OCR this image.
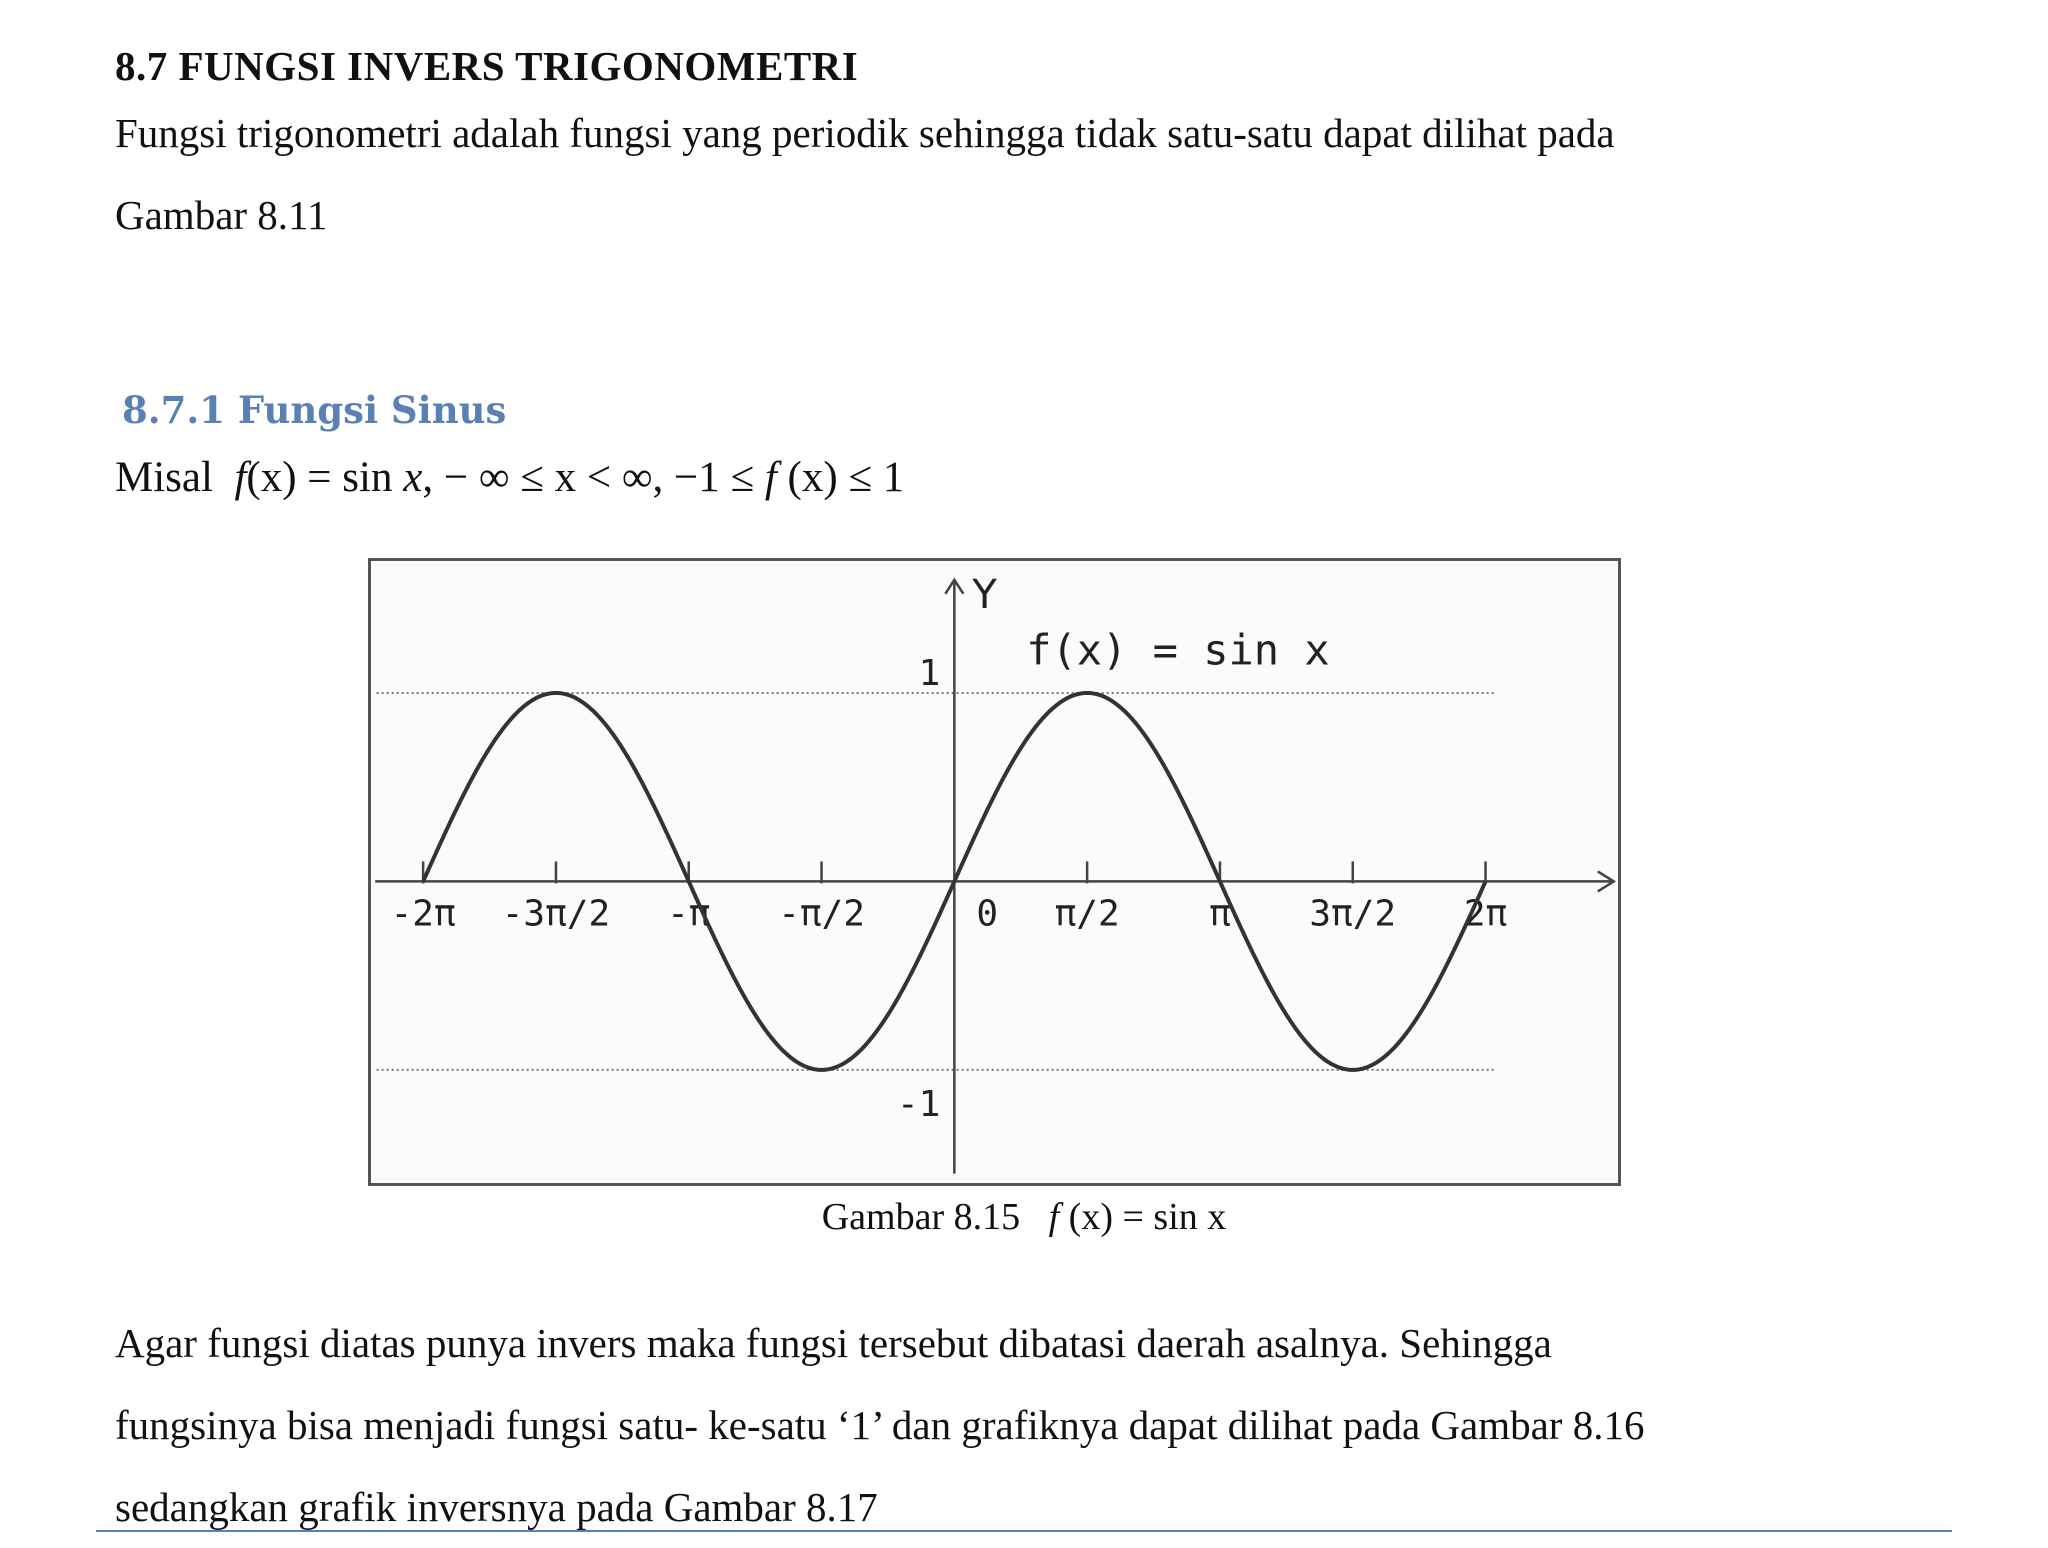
8.7 FUNGSI INVERS TRIGONOMETRI
Fungsi trigonometri adalah fungsi yang periodik sehingga tidak satu-satu dapat dilihat pada
Gambar 8.11
8.7.1 Fungsi Sinus
Misal f(x) = sin x, − ∞ ≤ x < ∞, −1 ≤ f (x) ≤ 1
Y
-2π -3π/2 -π -π/2	0 π/2 π 3π/2 2π
1
-1
f(x) = sin x
Gambar 8.15 f (x) = sin x
Agar fungsi diatas punya invers maka fungsi tersebut dibatasi daerah asalnya. Sehingga
fungsinya bisa menjadi fungsi satu- ke-satu ‘1’ dan grafiknya dapat dilihat pada Gambar 8.16
sedangkan grafik inversnya pada Gambar 8.17
